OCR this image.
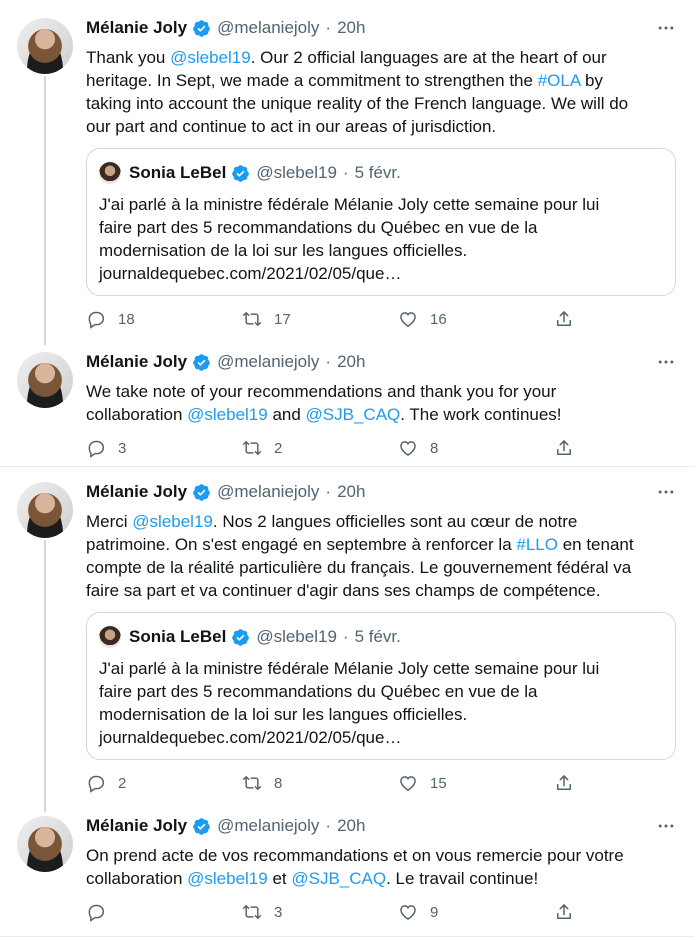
Mélanie Joly @melaniejoly · 20h
Thank you @slebel19. Our 2 official languages are at the heart of our
heritage. In Sept, we made a commitment to strengthen the #OLA by
taking into account the unique reality of the French language. We will do
our part and continue to act in our areas of jurisdiction.
Sonia LeBel @slebel19 · 5 févr.
J'ai parlé à la ministre fédérale Mélanie Joly cette semaine pour lui
faire part des 5 recommandations du Québec en vue de la
modernisation de la loi sur les langues officielles.
journaldequebec.com/2021/02/05/que…
18	17	16
Mélanie Joly @melaniejoly · 20h
We take note of your recommendations and thank you for your
collaboration @slebel19 and @SJB_CAQ. The work continues!
3	2	8
Mélanie Joly @melaniejoly · 20h
Merci @slebel19. Nos 2 langues officielles sont au cœur de notre
patrimoine. On s'est engagé en septembre à renforcer la #LLO en tenant
compte de la réalité particulière du français. Le gouvernement fédéral va
faire sa part et va continuer d'agir dans ses champs de compétence.
Sonia LeBel @slebel19 · 5 févr.
J'ai parlé à la ministre fédérale Mélanie Joly cette semaine pour lui
faire part des 5 recommandations du Québec en vue de la
modernisation de la loi sur les langues officielles.
journaldequebec.com/2021/02/05/que…
2	8	15
Mélanie Joly @melaniejoly · 20h
On prend acte de vos recommandations et on vous remercie pour votre
collaboration @slebel19 et @SJB_CAQ. Le travail continue!
3	9
